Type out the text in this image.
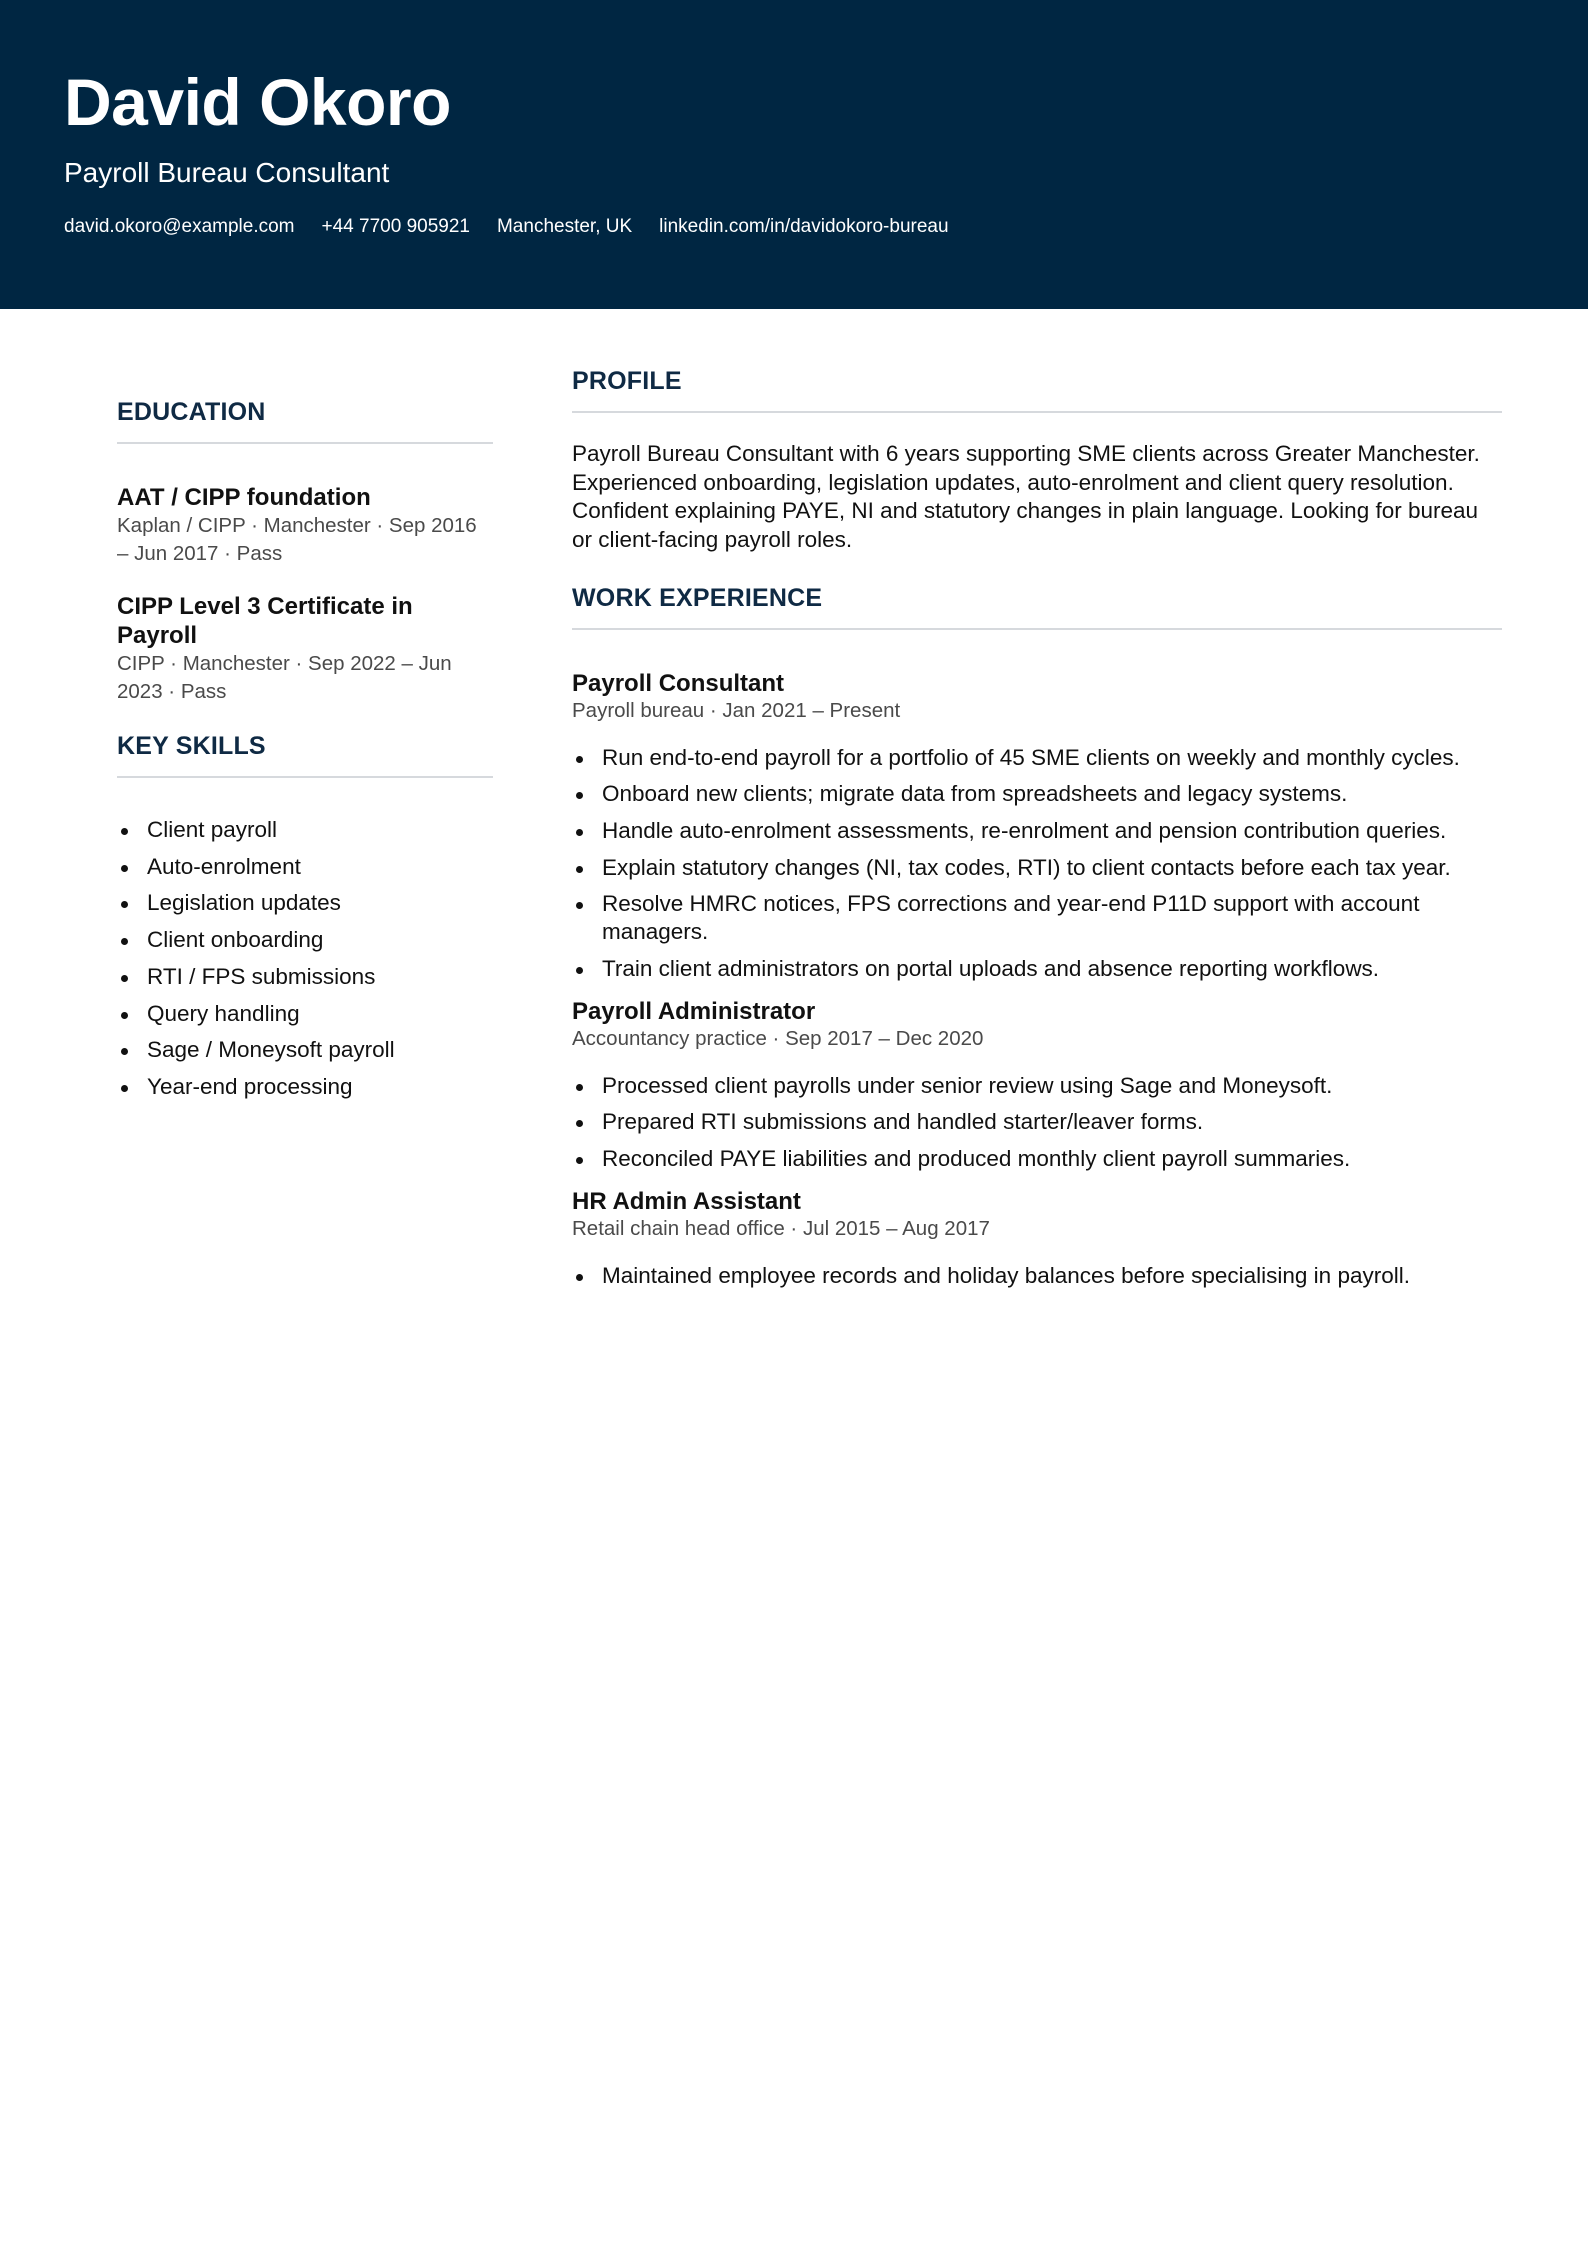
David Okoro
Payroll Bureau Consultant
david.okoro@example.com +44 7700 905921 Manchester, UK linkedin.com/in/davidokoro-bureau
EDUCATION
AAT / CIPP foundation
Kaplan / CIPP · Manchester · Sep 2016 – Jun 2017 · Pass
CIPP Level 3 Certificate in Payroll
CIPP · Manchester · Sep 2022 – Jun 2023 · Pass
KEY SKILLS
Client payroll
Auto-enrolment
Legislation updates
Client onboarding
RTI / FPS submissions
Query handling
Sage / Moneysoft payroll
Year-end processing
PROFILE

Payroll Bureau Consultant with 6 years supporting SME clients across Greater Manchester. Experienced onboarding, legislation updates, auto-enrolment and client query resolution. Confident explaining PAYE, NI and statutory changes in plain language. Looking for bureau or client-facing payroll roles.

WORK EXPERIENCE
Payroll Consultant
Payroll bureau · Jan 2021 – Present
Run end-to-end payroll for a portfolio of 45 SME clients on weekly and monthly cycles.
Onboard new clients; migrate data from spreadsheets and legacy systems.
Handle auto-enrolment assessments, re-enrolment and pension contribution queries.
Explain statutory changes (NI, tax codes, RTI) to client contacts before each tax year.
Resolve HMRC notices, FPS corrections and year-end P11D support with account managers.
Train client administrators on portal uploads and absence reporting workflows.
Payroll Administrator
Accountancy practice · Sep 2017 – Dec 2020
Processed client payrolls under senior review using Sage and Moneysoft.
Prepared RTI submissions and handled starter/leaver forms.
Reconciled PAYE liabilities and produced monthly client payroll summaries.
HR Admin Assistant
Retail chain head office · Jul 2015 – Aug 2017
Maintained employee records and holiday balances before specialising in payroll.
